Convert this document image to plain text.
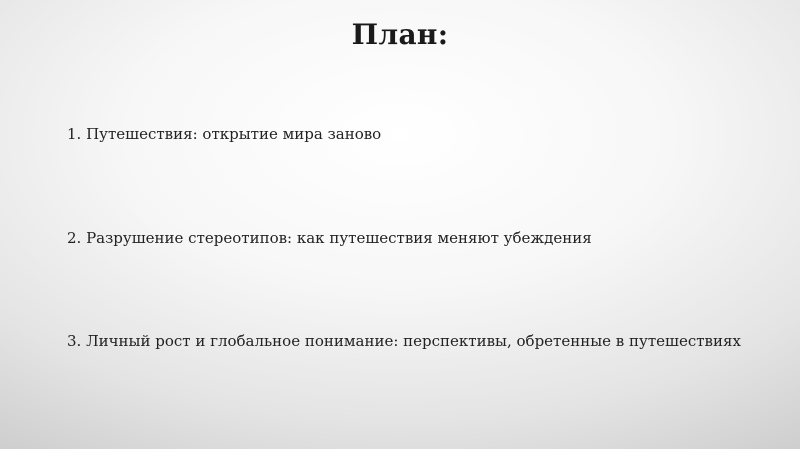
План:
1. Путешествия: открытие мира заново
2. Разрушение стереотипов: как путешествия меняют убеждения
3. Личный рост и глобальное понимание: перспективы, обретенные в путешествиях
